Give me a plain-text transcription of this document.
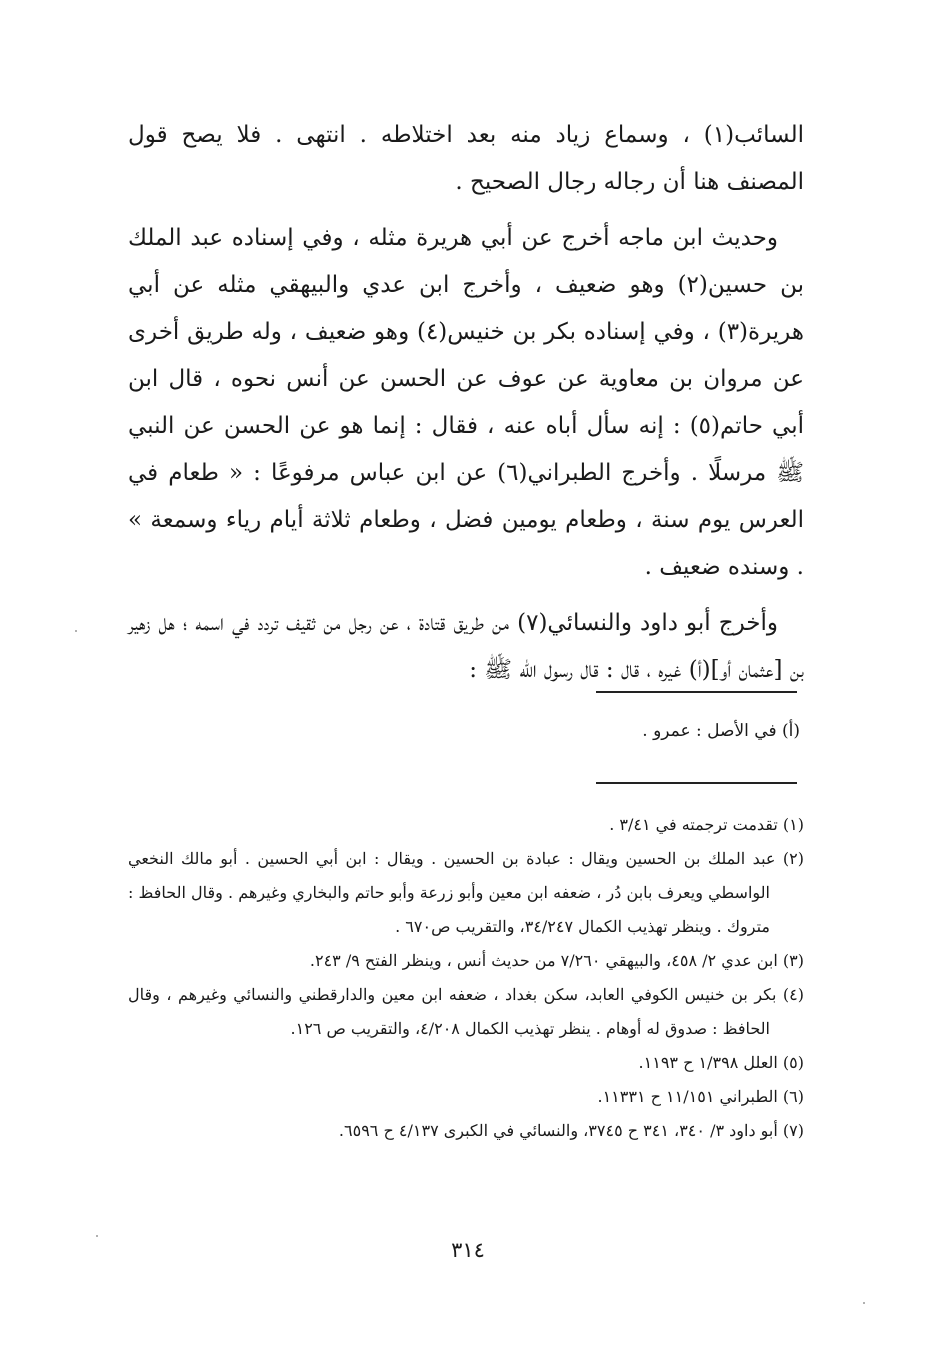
السائب(١) ، وسماع زياد منه بعد اختلاطه . انتهى . فلا يصح قول المصنف هنا أن رجاله رجال الصحيح .

وحديث ابن ماجه أخرج عن أبي هريرة مثله ، وفي إسناده عبد الملك بن حسين(٢) وهو ضعيف ، وأخرج ابن عدي والبيهقي مثله عن أبي هريرة(٣) ، وفي إسناده بكر بن خنيس(٤) وهو ضعيف ، وله طريق أخرى عن مروان بن معاوية عن عوف عن الحسن عن أنس نحوه ، قال ابن أبي حاتم(٥) : إنه سأل أباه عنه ، فقال : إنما هو عن الحسن عن النبي ﷺ مرسلًا . وأخرج الطبراني(٦) عن ابن عباس مرفوعًا : « طعام في العرس يوم سنة ، وطعام يومين فضل ، وطعام ثلاثة أيام رياء وسمعة » . وسنده ضعيف .

وأخرج أبو داود والنسائي(٧) من طريق قتادة ، عن رجل من ثقيف تردد في اسمه ؛ هل زهير بن [عثمان أو](أ) غيره ، قال : قال رسول الله ﷺ :

(أ) في الأصل : عمرو .

(١) تقدمت ترجمته في ٣/٤١ .

(٢) عبد الملك بن الحسين ويقال : عبادة بن الحسين . ويقال : ابن أبي الحسين . أبو مالك النخعي الواسطي ويعرف بابن دُر ، ضعفه ابن معين وأبو زرعة وأبو حاتم والبخاري وغيرهم . وقال الحافظ : متروك . وينظر تهذيب الكمال ٣٤/٢٤٧، والتقريب ص٦٧٠ .

(٣) ابن عدي ٢/ ٤٥٨، والبيهقي ٧/٢٦٠ من حديث أنس ، وينظر الفتح ٩/ ٢٤٣.

(٤) بكر بن خنيس الكوفي العابد، سكن بغداد ، ضعفه ابن معين والدارقطني والنسائي وغيرهم ، وقال الحافظ : صدوق له أوهام . ينظر تهذيب الكمال ٤/٢٠٨، والتقريب ص ١٢٦.

(٥) العلل ١/٣٩٨ ح ١١٩٣.

(٦) الطبراني ١١/١٥١ ح ١١٣٣١.

(٧) أبو داود ٣/ ٣٤٠، ٣٤١ ح ٣٧٤٥، والنسائي في الكبرى ٤/١٣٧ ح ٦٥٩٦.

٣١٤
